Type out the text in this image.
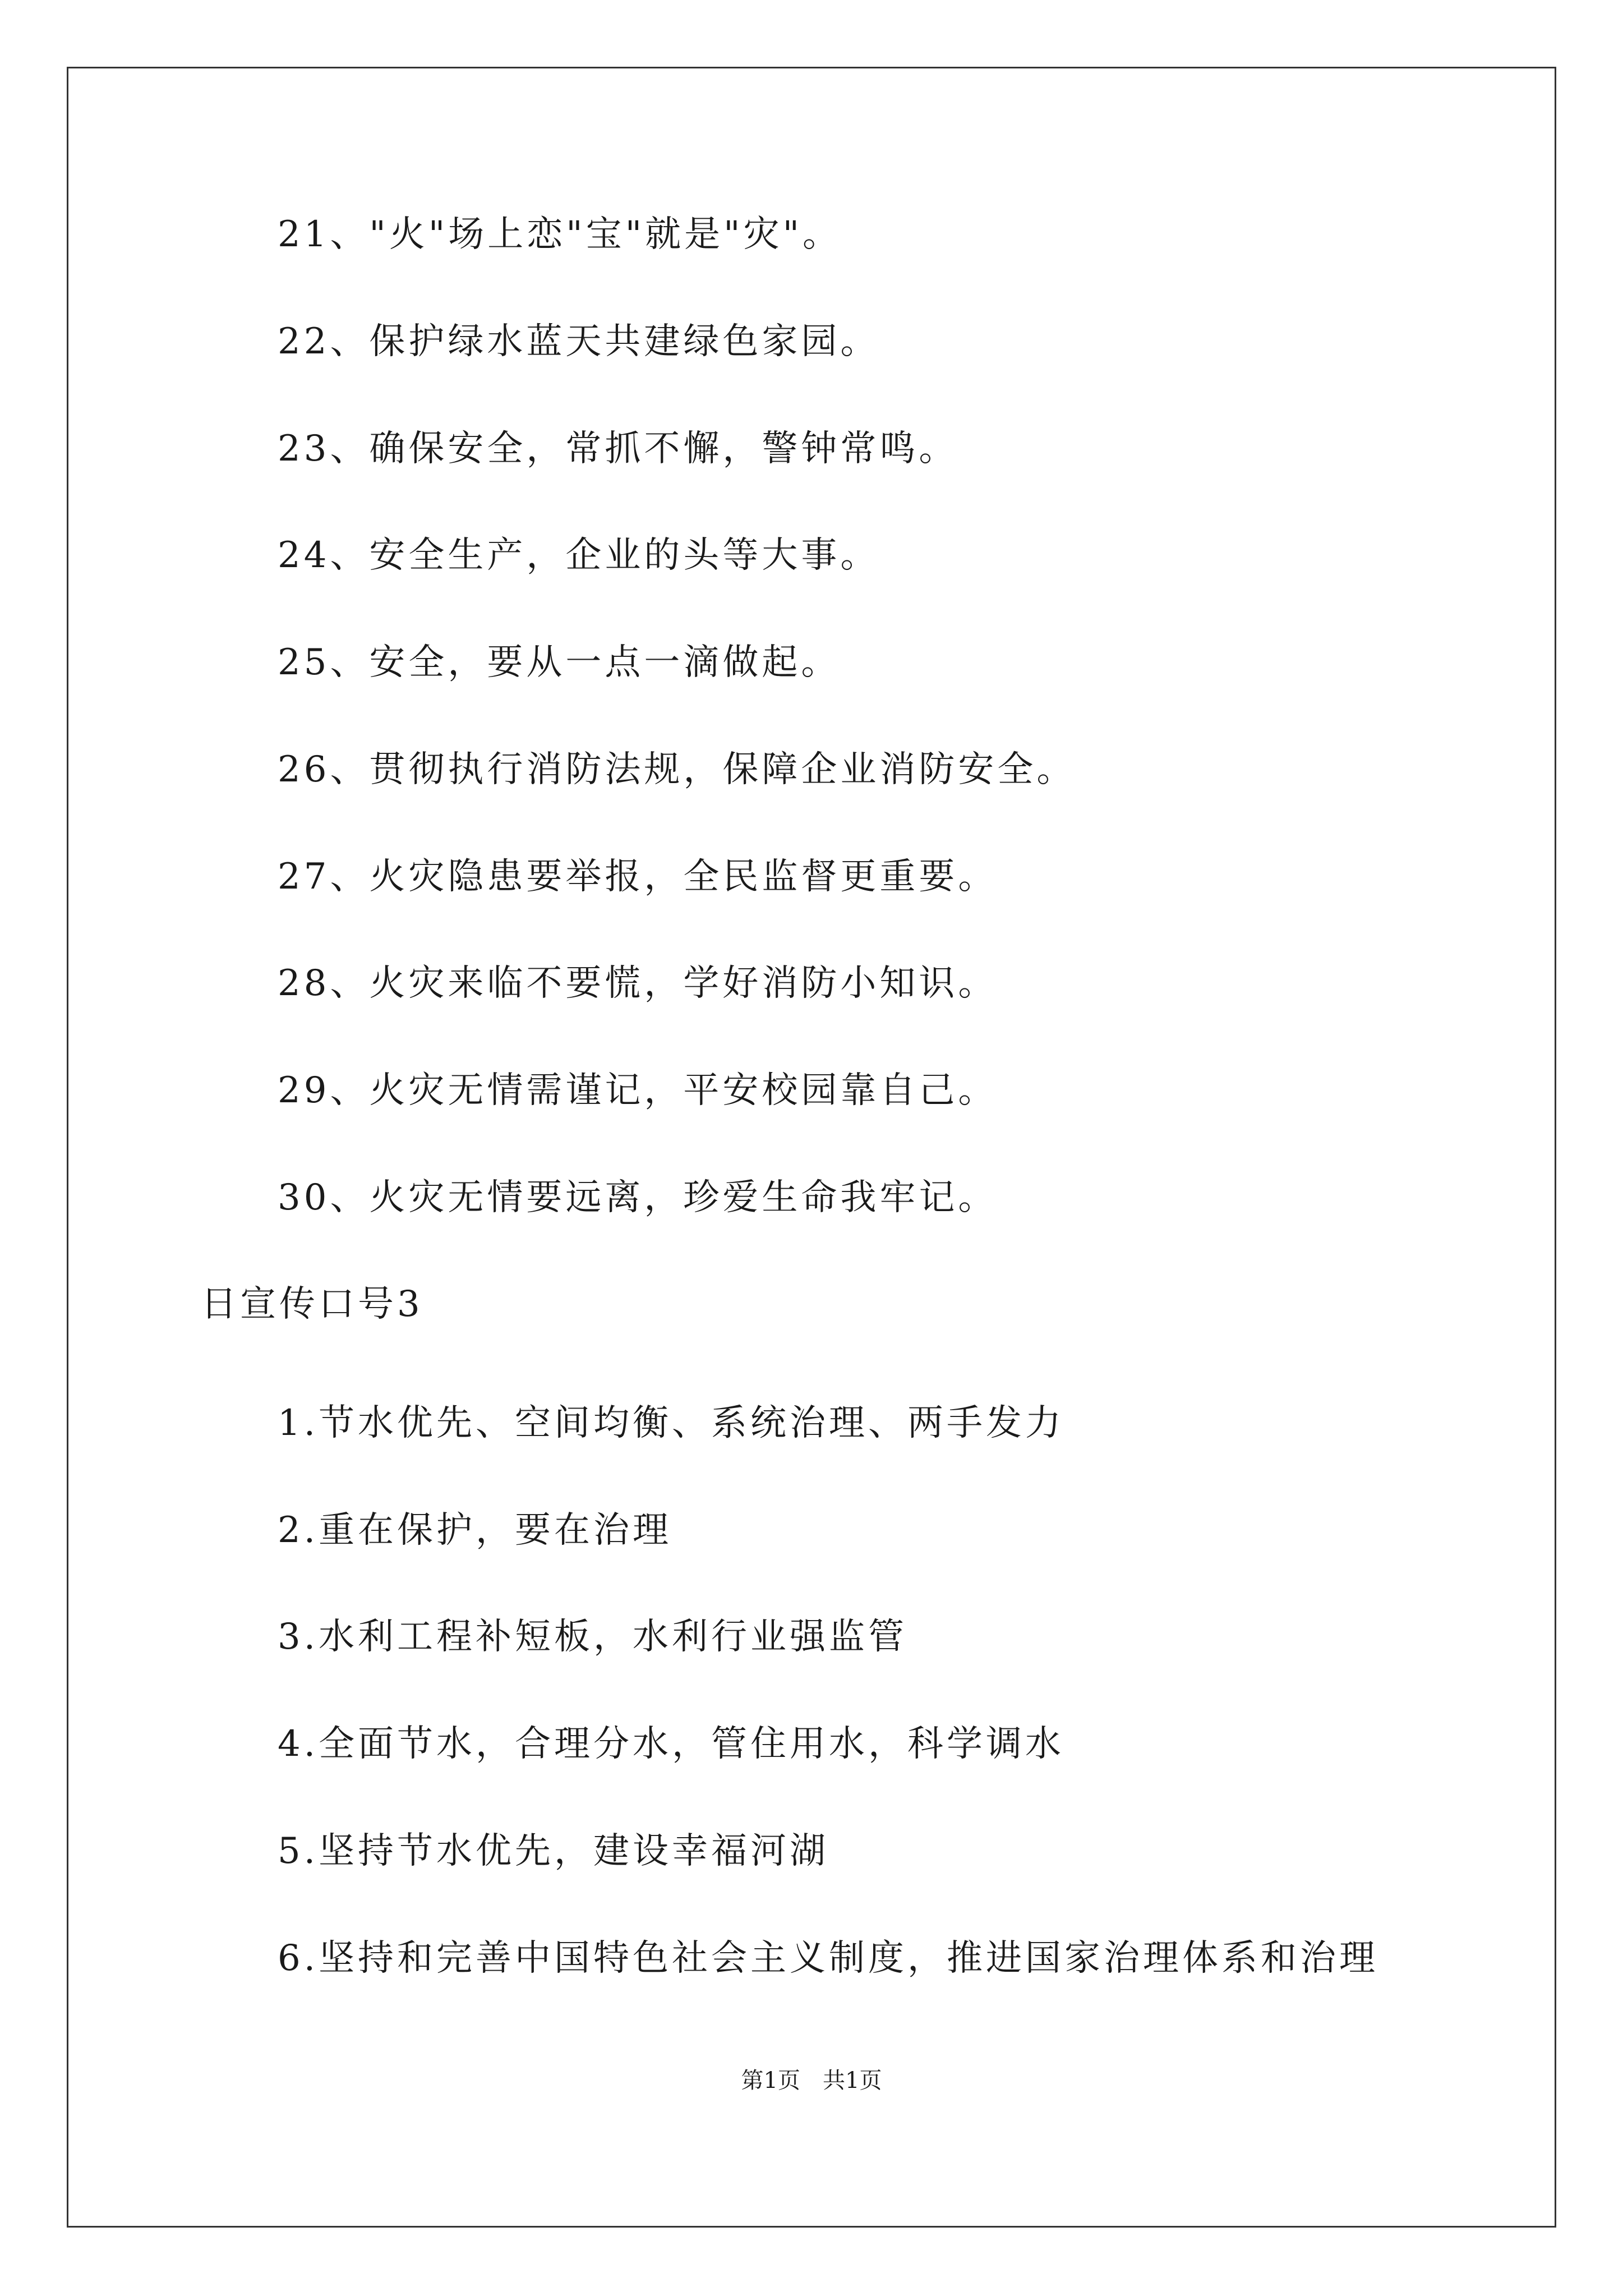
21、"火"场上恋"宝"就是"灾"。
22、保护绿水蓝天共建绿色家园。
23、确保安全，常抓不懈，警钟常鸣。
24、安全生产，企业的头等大事。
25、安全，要从一点一滴做起。
26、贯彻执行消防法规，保障企业消防安全。
27、火灾隐患要举报，全民监督更重要。
28、火灾来临不要慌，学好消防小知识。
29、火灾无情需谨记，平安校园靠自己。
30、火灾无情要远离，珍爱生命我牢记。
日宣传口号3
1.节水优先、空间均衡、系统治理、两手发力
2.重在保护，要在治理
3.水利工程补短板，水利行业强监管
4.全面节水，合理分水，管住用水，科学调水
5.坚持节水优先，建设幸福河湖
6.坚持和完善中国特色社会主义制度，推进国家治理体系和治理
第1页　共1页
